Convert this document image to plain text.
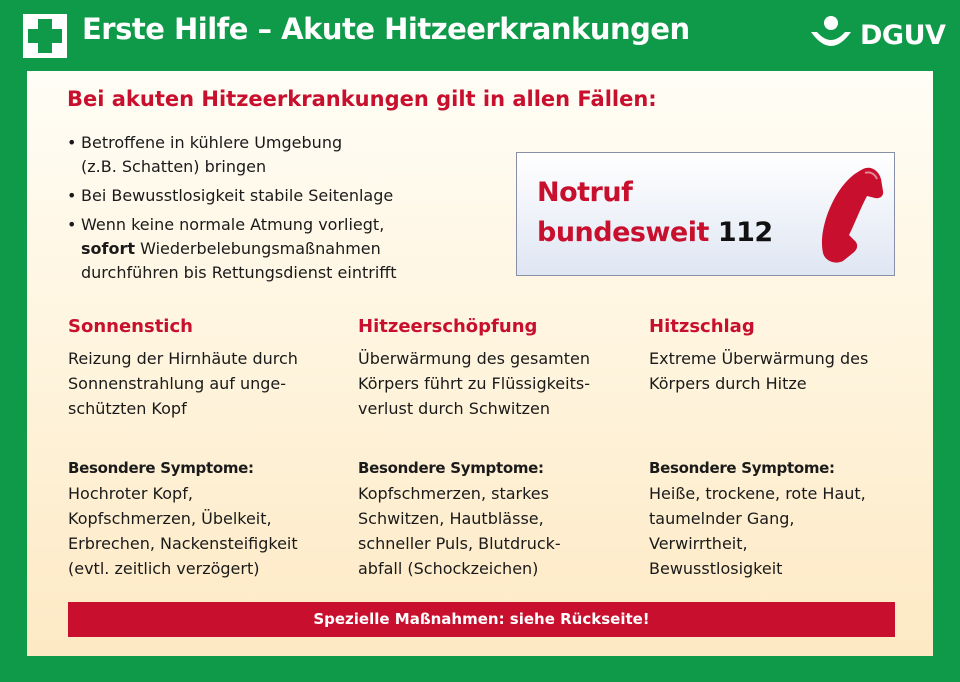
Erste Hilfe – Akute Hitzeerkrankungen	DGUV
Bei akuten Hitzeerkrankungen gilt in allen Fällen:
• Betroffene in kühlere Umgebung
(z.B. Schatten) bringen
• Bei Bewusstlosigkeit stabile Seitenlage
• Wenn keine normale Atmung vorliegt,
sofort Wiederbelebungsmaßnahmen
durchführen bis Rettungsdienst eintrifft
Notruf
bundesweit 112
Sonnenstich
Reizung der Hirnhäute durch
Sonnenstrahlung auf unge-
schützten Kopf
Besondere Symptome:
Hochroter Kopf,
Kopfschmerzen, Übelkeit,
Erbrechen, Nackensteifigkeit
(evtl. zeitlich verzögert)
Hitzeerschöpfung
Überwärmung des gesamten
Körpers führt zu Flüssigkeits-
verlust durch Schwitzen
Besondere Symptome:
Kopfschmerzen, starkes
Schwitzen, Hautblässe,
schneller Puls, Blutdruck-
abfall (Schockzeichen)
Hitzschlag
Extreme Überwärmung des
Körpers durch Hitze
Besondere Symptome:
Heiße, trockene, rote Haut,
taumelnder Gang,
Verwirrtheit,
Bewusstlosigkeit
Spezielle Maßnahmen: siehe Rückseite!
